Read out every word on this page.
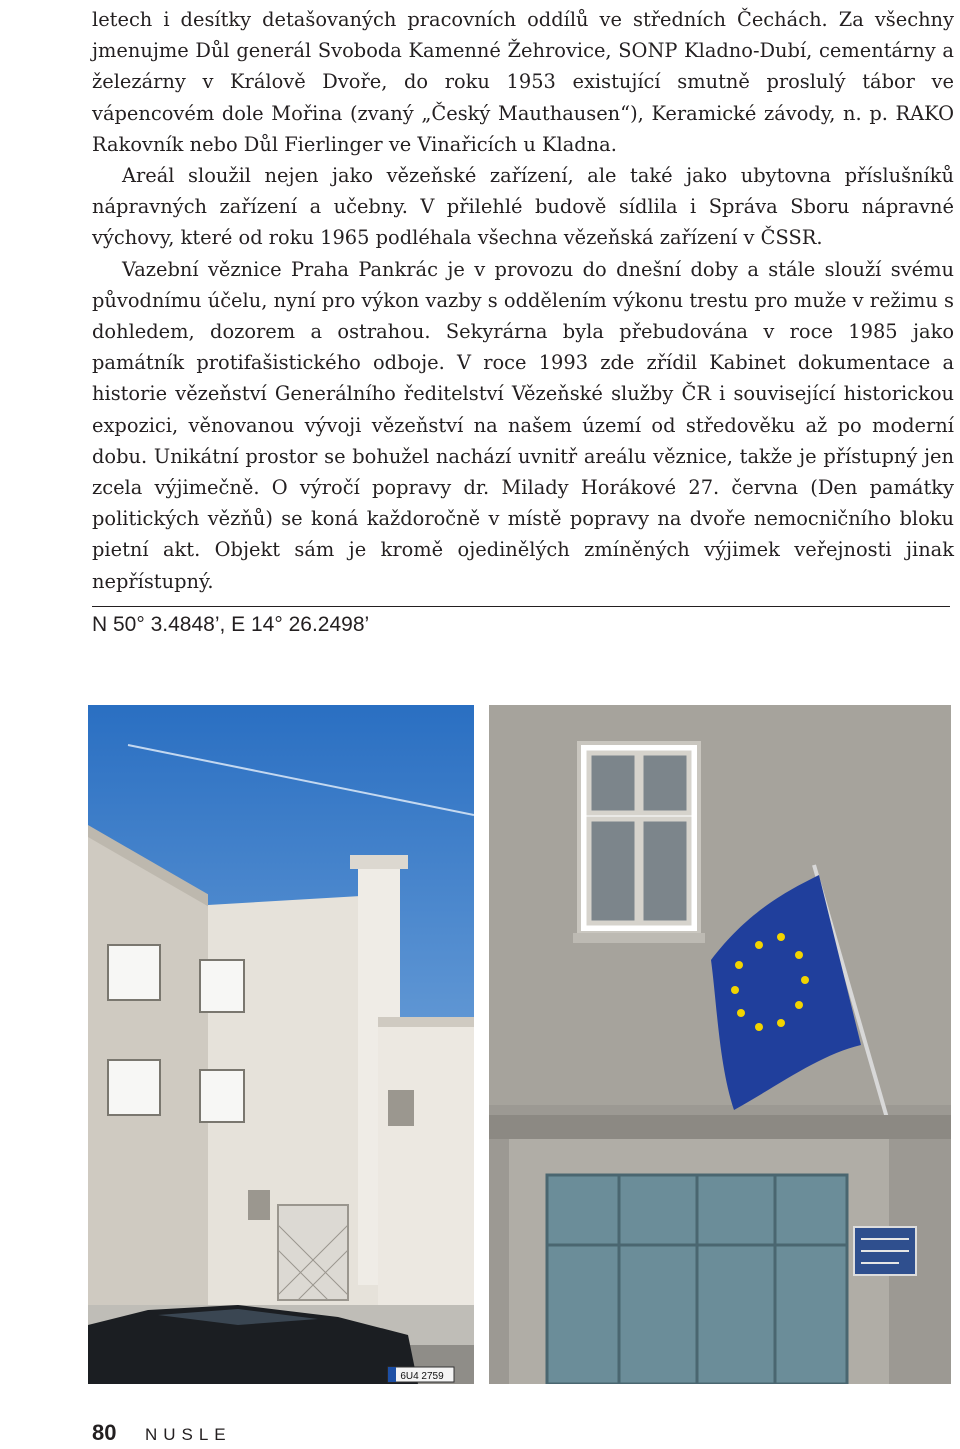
letech i desítky detašovaných pracovních oddílů ve středních Čechách. Za všechny jmenujme Důl generál Svoboda Kamenné Žehrovice, SONP Kladno-Dubí, cementárny a železárny v Králově Dvoře, do roku 1953 existující smutně proslulý tábor ve vápencovém dole Mořina (zvaný „Český Mauthausen“), Keramické závody, n. p. RAKO Rakovník nebo Důl Fierlinger ve Vinařicích u Kladna.

Areál sloužil nejen jako vězeňské zařízení, ale také jako ubytovna příslušníků nápravných zařízení a učebny. V přilehlé budově sídlila i Správa Sboru nápravné výchovy, které od roku 1965 podléhala všechna vězeňská zařízení v ČSSR.

Vazební věznice Praha Pankrác je v provozu do dnešní doby a stále slouží svému původnímu účelu, nyní pro výkon vazby s oddělením výkonu trestu pro muže v režimu s dohledem, dozorem a ostrahou. Sekyrárna byla přebudována v roce 1985 jako památník protifašistického odboje. V roce 1993 zde zřídil Kabinet dokumentace a historie vězeňství Generálního ředitelství Vězeňské služby ČR i související historickou expozici, věnovanou vývoji vězeňství na našem území od středověku až po moderní dobu. Unikátní prostor se bohužel nachází uvnitř areálu věznice, takže je přístupný jen zcela výjimečně. O výročí popravy dr. Milady Horákové 27. června (Den památky politických vězňů) se koná každoročně v místě popravy na dvoře nemocničního bloku pietní akt. Objekt sám je kromě ojedinělých zmíněných výjimek veřejnosti jinak nepřístupný.

N 50° 3.4848’, E 14° 26.2498’
6U4 2759
80 NUSLE
